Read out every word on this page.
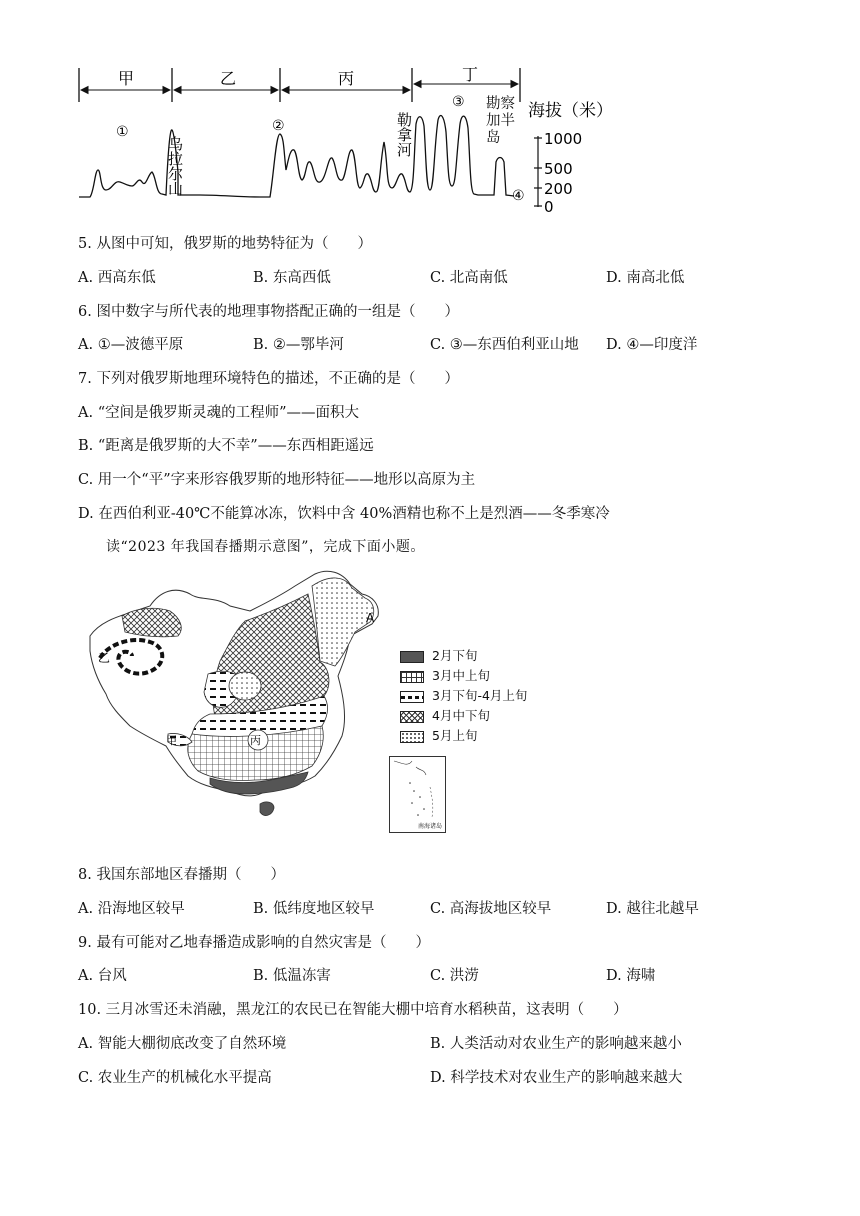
甲	乙	丙	丁
①	②
③
④
乌拉尔山
勒拿河
海拔（米）
1000
500
200
0
勘察加半岛
5. 从图中可知，俄罗斯的地势特征为（　　）
A. 西高东低	B. 东高西低	C. 北高南低	D. 南高北低
6. 图中数字与所代表的地理事物搭配正确的一组是（　　）
A. ①—波德平原	B. ②—鄂毕河	C. ③—东西伯利亚山地 D. ④—印度洋
7. 下列对俄罗斯地理环境特色的描述，不正确的是（　　）
A. “空间是俄罗斯灵魂的工程师”——面积大
B. “距离是俄罗斯的大不幸”——东西相距遥远
C. 用一个“平”字来形容俄罗斯的地形特征——地形以高原为主
D. 在西伯利亚-40℃不能算冰冻，饮料中含 40%酒精也称不上是烈酒——冬季寒冷
读“2023 年我国春播期示意图”，完成下面小题。
A
乙
甲	丙
2月下旬
3月中上旬
3月下旬-4月上旬
4月中下旬
5月上旬
南海诸岛
8. 我国东部地区春播期（　　）
A. 沿海地区较早	B. 低纬度地区较早	C. 高海拔地区较早	D. 越往北越早
9. 最有可能对乙地春播造成影响的自然灾害是（　　）
A. 台风	B. 低温冻害	C. 洪涝	D. 海啸
10. 三月冰雪还未消融，黑龙江的农民已在智能大棚中培育水稻秧苗，这表明（　　）
A. 智能大棚彻底改变了自然环境	B. 人类活动对农业生产的影响越来越小
C. 农业生产的机械化水平提高	D. 科学技术对农业生产的影响越来越大
